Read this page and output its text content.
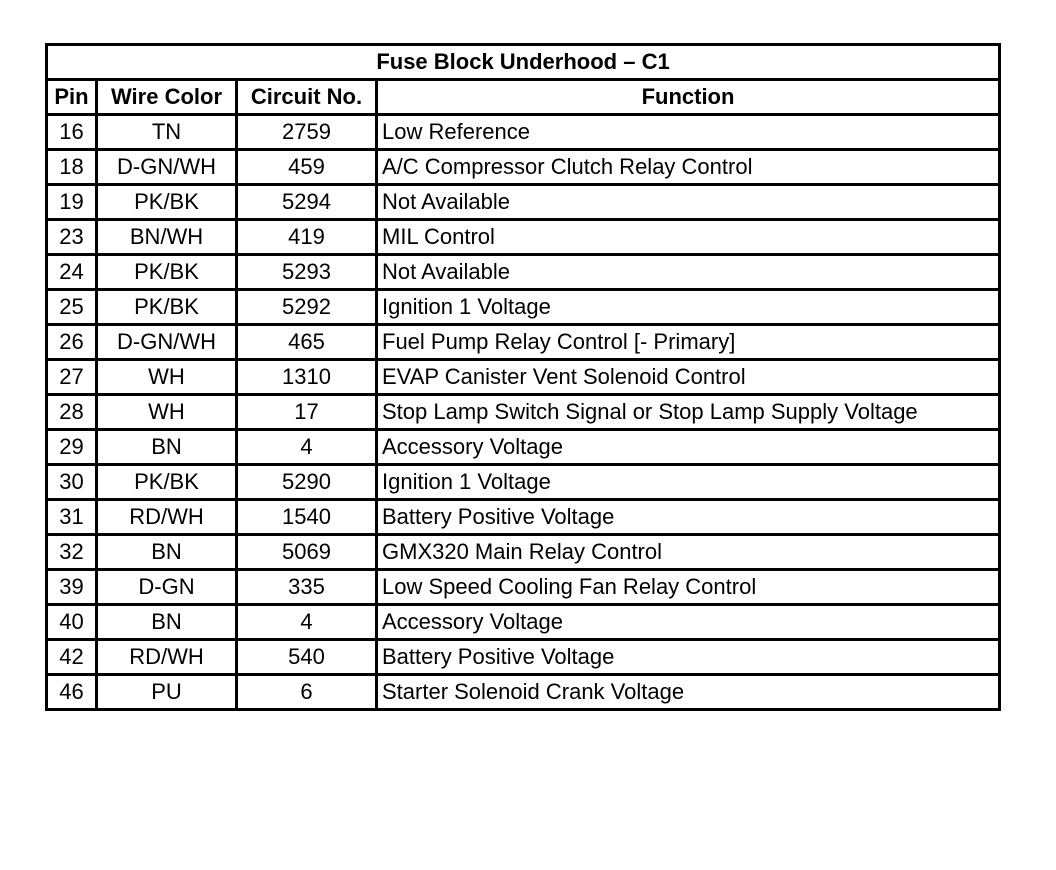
Fuse Block Underhood – C1			
Pin	Wire Color	Circuit No.	Function
16	TN	2759	Low Reference
18	D-GN/WH	459	A/C Compressor Clutch Relay Control
19	PK/BK	5294	Not Available
23	BN/WH	419	MIL Control
24	PK/BK	5293	Not Available
25	PK/BK	5292	Ignition 1 Voltage
26	D-GN/WH	465	Fuel Pump Relay Control [- Primary]
27	WH	1310	EVAP Canister Vent Solenoid Control
28	WH	17	Stop Lamp Switch Signal or Stop Lamp Supply Voltage
29	BN	4	Accessory Voltage
30	PK/BK	5290	Ignition 1 Voltage
31	RD/WH	1540	Battery Positive Voltage
32	BN	5069	GMX320 Main Relay Control
39	D-GN	335	Low Speed Cooling Fan Relay Control
40	BN	4	Accessory Voltage
42	RD/WH	540	Battery Positive Voltage
46	PU	6	Starter Solenoid Crank Voltage
